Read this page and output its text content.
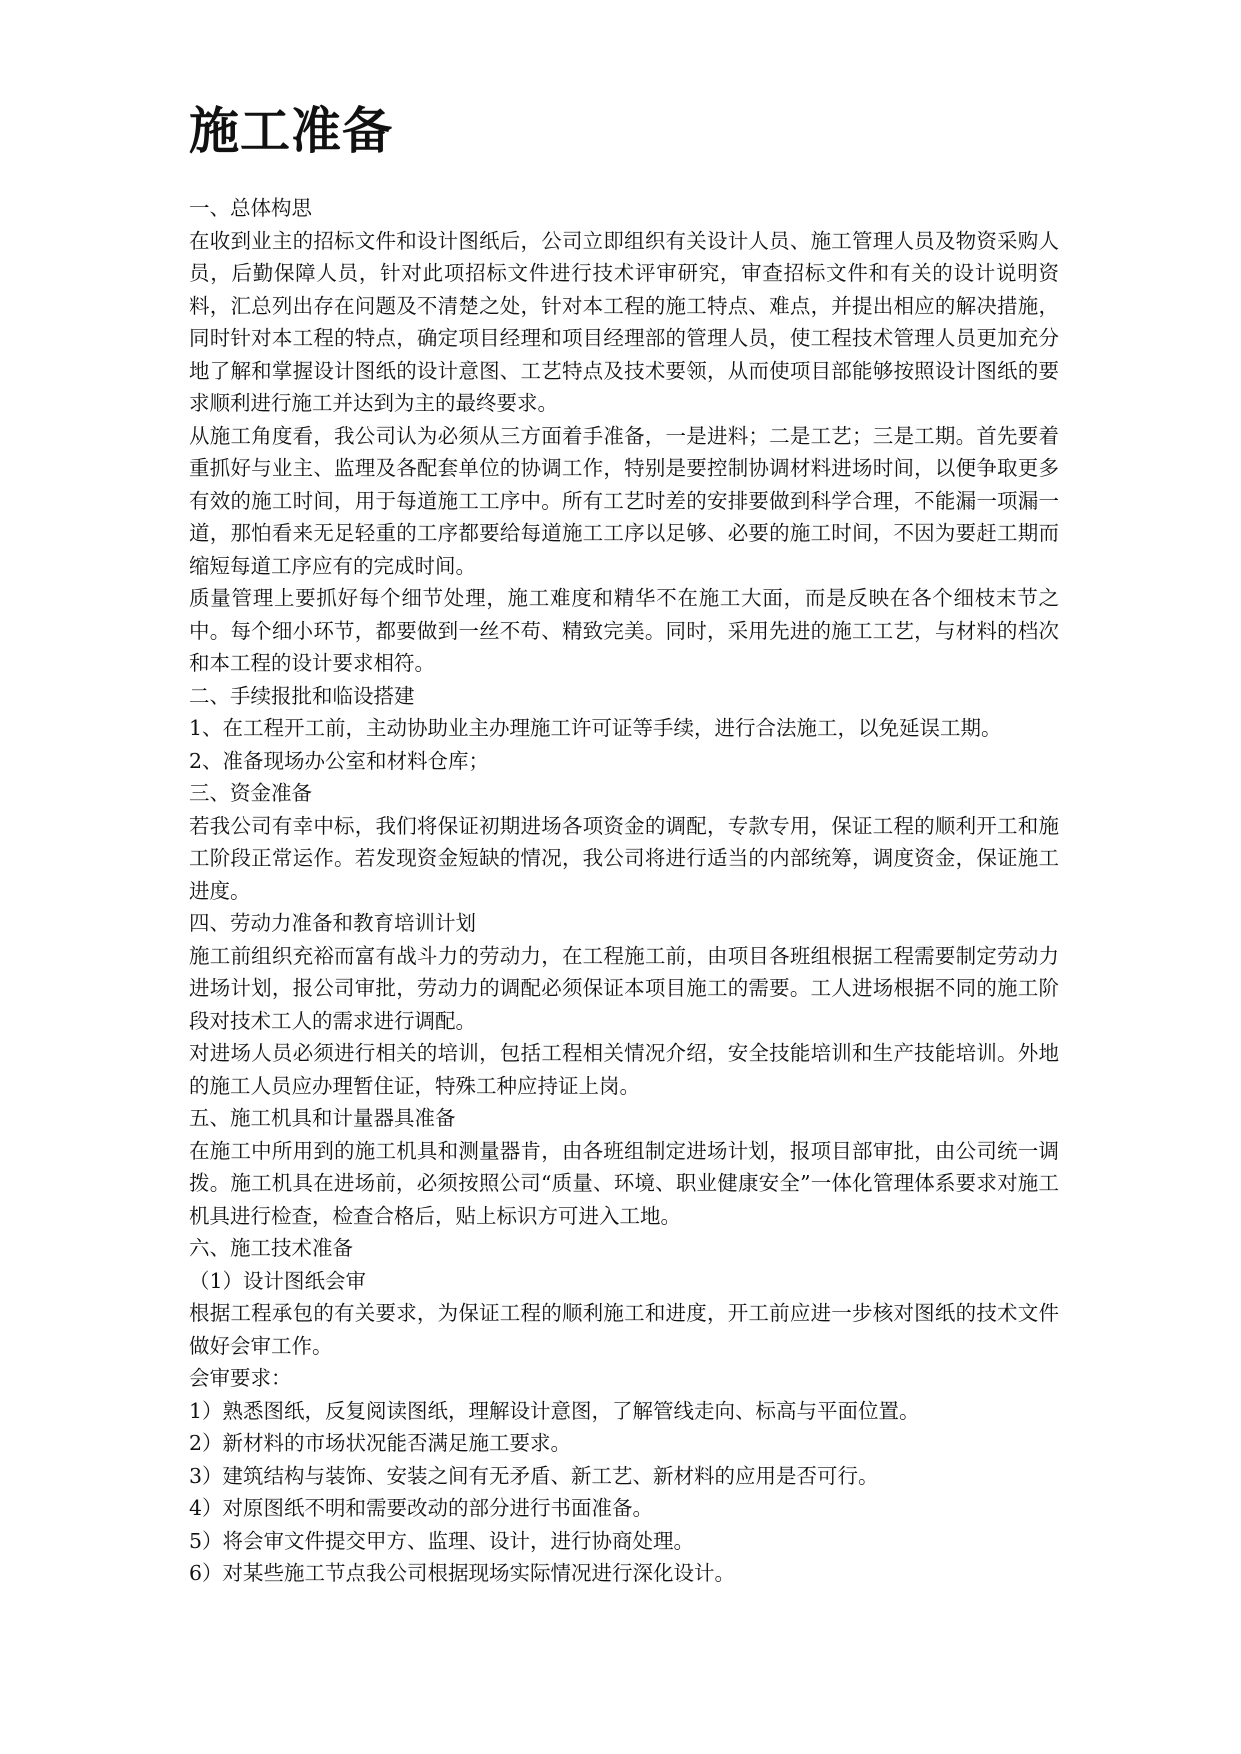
施工准备

一、总体构思

在收到业主的招标文件和设计图纸后，公司立即组织有关设计人员、施工管理人员及物资采购人员，后勤保障人员，针对此项招标文件进行技术评审研究，审查招标文件和有关的设计说明资料，汇总列出存在问题及不清楚之处，针对本工程的施工特点、难点，并提出相应的解决措施，同时针对本工程的特点，确定项目经理和项目经理部的管理人员，使工程技术管理人员更加充分地了解和掌握设计图纸的设计意图、工艺特点及技术要领，从而使项目部能够按照设计图纸的要求顺利进行施工并达到为主的最终要求。

从施工角度看，我公司认为必须从三方面着手准备，一是进料；二是工艺；三是工期。首先要着重抓好与业主、监理及各配套单位的协调工作，特别是要控制协调材料进场时间，以便争取更多有效的施工时间，用于每道施工工序中。所有工艺时差的安排要做到科学合理，不能漏一项漏一道，那怕看来无足轻重的工序都要给每道施工工序以足够、必要的施工时间，不因为要赶工期而缩短每道工序应有的完成时间。

质量管理上要抓好每个细节处理，施工难度和精华不在施工大面，而是反映在各个细枝末节之中。每个细小环节，都要做到一丝不苟、精致完美。同时，采用先进的施工工艺，与材料的档次和本工程的设计要求相符。

二、手续报批和临设搭建

1、在工程开工前，主动协助业主办理施工许可证等手续，进行合法施工，以免延误工期。

2、准备现场办公室和材料仓库；

三、资金准备

若我公司有幸中标，我们将保证初期进场各项资金的调配，专款专用，保证工程的顺利开工和施工阶段正常运作。若发现资金短缺的情况，我公司将进行适当的内部统筹，调度资金，保证施工进度。

四、劳动力准备和教育培训计划

施工前组织充裕而富有战斗力的劳动力，在工程施工前，由项目各班组根据工程需要制定劳动力进场计划，报公司审批，劳动力的调配必须保证本项目施工的需要。工人进场根据不同的施工阶段对技术工人的需求进行调配。

对进场人员必须进行相关的培训，包括工程相关情况介绍，安全技能培训和生产技能培训。外地的施工人员应办理暂住证，特殊工种应持证上岗。

五、施工机具和计量器具准备

在施工中所用到的施工机具和测量器肯，由各班组制定进场计划，报项目部审批，由公司统一调拨。施工机具在进场前，必须按照公司“质量、环境、职业健康安全”一体化管理体系要求对施工机具进行检查，检查合格后，贴上标识方可进入工地。

六、施工技术准备

（1）设计图纸会审

根据工程承包的有关要求，为保证工程的顺利施工和进度，开工前应进一步核对图纸的技术文件做好会审工作。

会审要求：

1）熟悉图纸，反复阅读图纸，理解设计意图，了解管线走向、标高与平面位置。

2）新材料的市场状况能否满足施工要求。

3）建筑结构与装饰、安装之间有无矛盾、新工艺、新材料的应用是否可行。

4）对原图纸不明和需要改动的部分进行书面准备。

5）将会审文件提交甲方、监理、设计，进行协商处理。

6）对某些施工节点我公司根据现场实际情况进行深化设计。
